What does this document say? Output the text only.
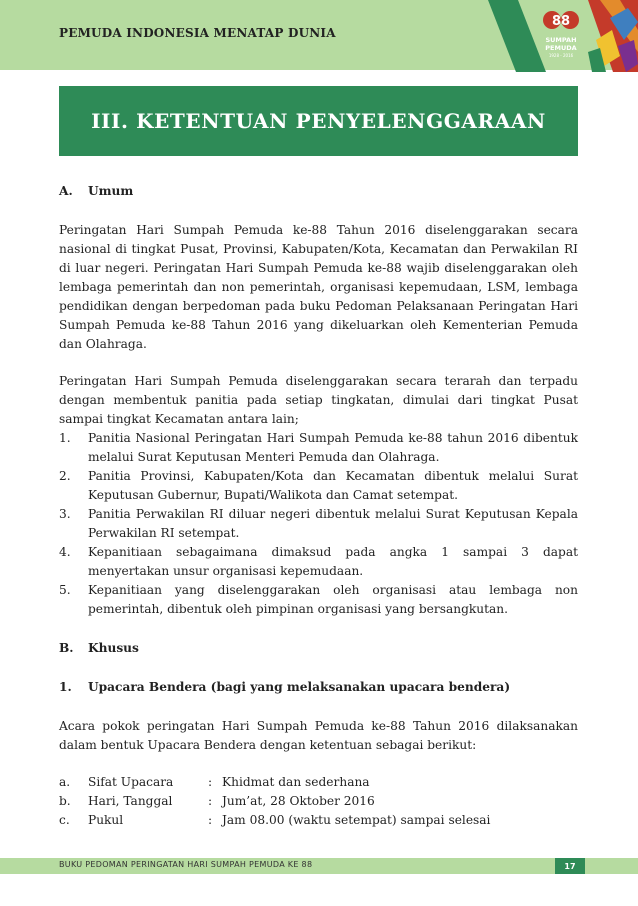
PEMUDA INDONESIA MENATAP DUNIA
88
SUMPAH
PEMUDA
1928 - 2016
III. KETENTUAN PENYELENGGARAAN
A.	Umum

Peringatan Hari Sumpah Pemuda ke-88 Tahun 2016 diselenggarakan secara nasional di tingkat Pusat, Provinsi, Kabupaten/Kota, Kecamatan dan Perwakilan RI di luar negeri. Peringatan Hari Sumpah Pemuda ke-88 wajib diselenggarakan oleh lembaga pemerintah dan non pemerintah, organisasi kepemudaan, LSM, lembaga pendidikan dengan berpedoman pada buku Pedoman Pelaksanaan Peringatan Hari Sumpah Pemuda ke-88 Tahun 2016 yang dikeluarkan oleh Kementerian Pemuda dan Olahraga.

Peringatan Hari Sumpah Pemuda diselenggarakan secara terarah dan terpadu dengan membentuk panitia pada setiap tingkatan, dimulai dari tingkat Pusat sampai tingkat Kecamatan antara lain;

1.	Panitia Nasional Peringatan Hari Sumpah Pemuda ke-88 tahun 2016 dibentuk melalui Surat Keputusan Menteri Pemuda dan Olahraga.
2.	Panitia Provinsi, Kabupaten/Kota dan Kecamatan dibentuk melalui Surat Keputusan Gubernur, Bupati/Walikota dan Camat setempat.
3.	Panitia Perwakilan RI diluar negeri dibentuk melalui Surat Keputusan Kepala Perwakilan RI setempat.
4.	Kepanitiaan sebagaimana dimaksud pada angka 1 sampai 3 dapat menyertakan unsur organisasi kepemudaan.
5.	Kepanitiaan yang diselenggarakan oleh organisasi atau lembaga non pemerintah, dibentuk oleh pimpinan organisasi yang bersangkutan.
B.	Khusus
1.	Upacara Bendera (bagi yang melaksanakan upacara bendera)

Acara pokok peringatan Hari Sumpah Pemuda ke-88 Tahun 2016 dilaksanakan dalam bentuk Upacara Bendera dengan ketentuan sebagai berikut:

a.	Sifat Upacara	: Khidmat dan sederhana
b.	Hari, Tanggal	: Jum’at, 28 Oktober 2016
c.	Pukul	: Jam 08.00 (waktu setempat) sampai selesai
BUKU PEDOMAN PERINGATAN HARI SUMPAH PEMUDA KE 88	17
